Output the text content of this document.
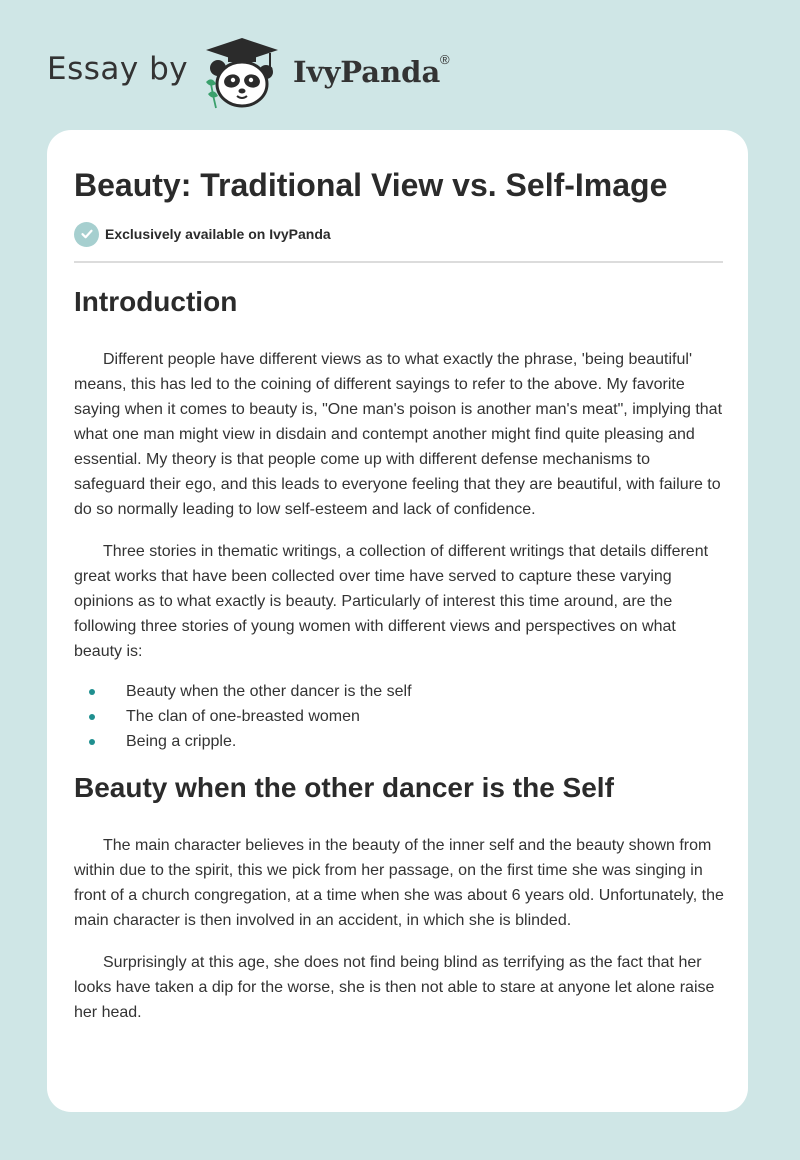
Essay by	IvyPanda ®
Beauty: Traditional View vs. Self-Image
Exclusively available on IvyPanda
Introduction

Different people have different views as to what exactly the phrase, 'being beautiful' means, this has led to the coining of different sayings to refer to the above. My favorite saying when it comes to beauty is, "One man's poison is another man's meat", implying that what one man might view in disdain and contempt another might find quite pleasing and essential. My theory is that people come up with different defense mechanisms to safeguard their ego, and this leads to everyone feeling that they are beautiful, with failure to do so normally leading to low self-esteem and lack of confidence.

Three stories in thematic writings, a collection of different writings that details different great works that have been collected over time have served to capture these varying opinions as to what exactly is beauty. Particularly of interest this time around, are the following three stories of young women with different views and perspectives on what beauty is:

Beauty when the other dancer is the self
The clan of one-breasted women
Being a cripple.
Beauty when the other dancer is the Self

The main character believes in the beauty of the inner self and the beauty shown from within due to the spirit, this we pick from her passage, on the first time she was singing in front of a church congregation, at a time when she was about 6 years old. Unfortunately, the main character is then involved in an accident, in which she is blinded.

Surprisingly at this age, she does not find being blind as terrifying as the fact that her looks have taken a dip for the worse, she is then not able to stare at anyone let alone raise her head.
